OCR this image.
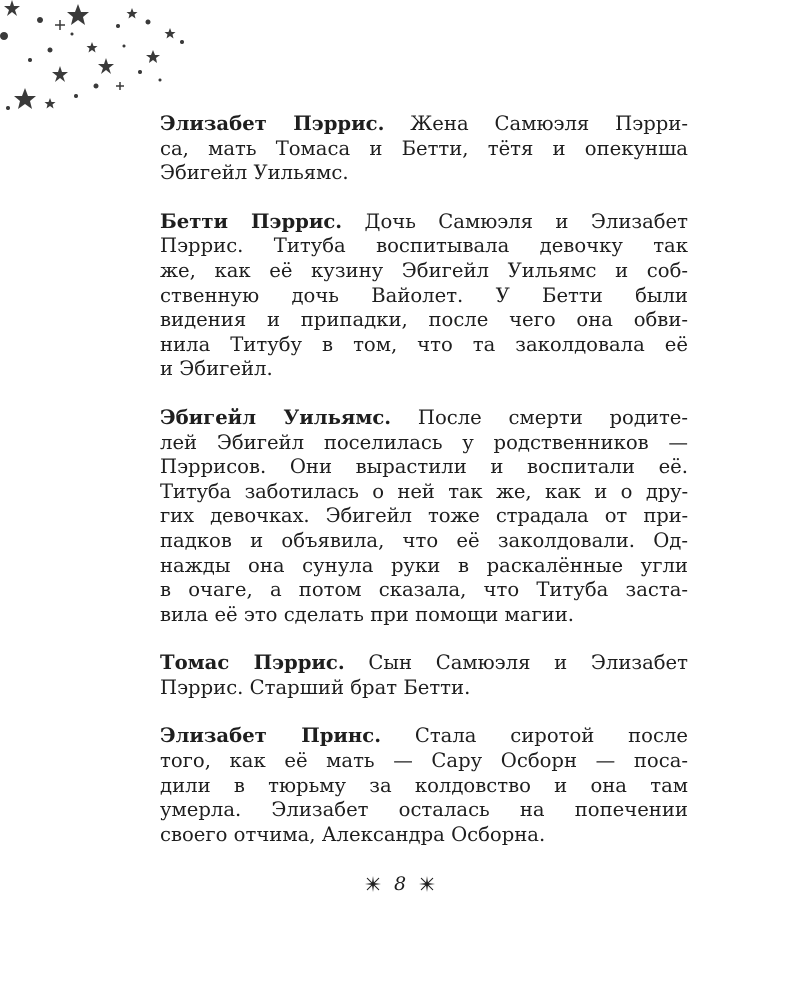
Элизабет Пэррис. Жена Самюэля Пэрри-
са, мать Томаса и Бетти, тётя и опекунша
Эбигейл Уильямс.
Бетти Пэррис. Дочь Самюэля и Элизабет
Пэррис. Титуба воспитывала девочку так
же, как её кузину Эбигейл Уильямс и соб-
ственную дочь Вайолет. У Бетти были
видения и припадки, после чего она обви-
нила Титубу в том, что та заколдовала её
и Эбигейл.
Эбигейл Уильямс. После смерти родите-
лей Эбигейл поселилась у родственников —
Пэррисов. Они вырастили и воспитали её.
Титуба заботилась о ней так же, как и о дру-
гих девочках. Эбигейл тоже страдала от при-
падков и объявила, что её заколдовали. Од-
нажды она сунула руки в раскалённые угли
в очаге, а потом сказала, что Титуба заста-
вила её это сделать при помощи магии.
Томас Пэррис. Сын Самюэля и Элизабет
Пэррис. Старший брат Бетти.
Элизабет Принс. Стала сиротой после
того, как её мать — Сару Осборн — поса-
дили в тюрьму за колдовство и она там
умерла. Элизабет осталась на попечении
своего отчима, Александра Осборна.
8
